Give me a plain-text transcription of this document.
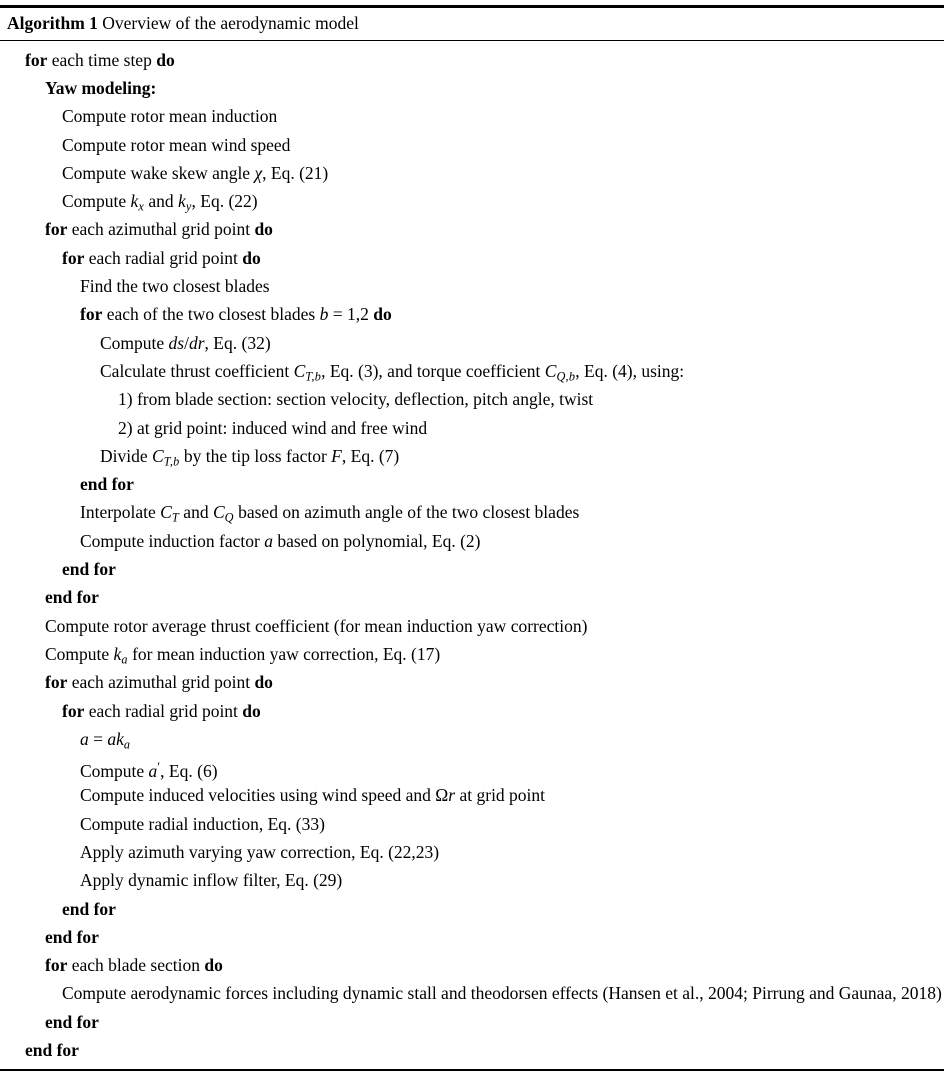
Algorithm 1 Overview of the aerodynamic model
for each time step do
Yaw modeling:
Compute rotor mean induction
Compute rotor mean wind speed
Compute wake skew angle χ, Eq. (21)
Compute kx and ky, Eq. (22)
for each azimuthal grid point do
for each radial grid point do
Find the two closest blades
for each of the two closest blades b = 1,2 do
Compute ds/dr, Eq. (32)
Calculate thrust coefficient CT,b, Eq. (3), and torque coefficient CQ,b, Eq. (4), using:
1) from blade section: section velocity, deflection, pitch angle, twist
2) at grid point: induced wind and free wind
Divide CT,b by the tip loss factor F, Eq. (7)
end for
Interpolate CT and CQ based on azimuth angle of the two closest blades
Compute induction factor a based on polynomial, Eq. (2)
end for
end for
Compute rotor average thrust coefficient (for mean induction yaw correction)
Compute ka for mean induction yaw correction, Eq. (17)
for each azimuthal grid point do
for each radial grid point do
a = aka
Compute a′, Eq. (6)
Compute induced velocities using wind speed and Ωr at grid point
Compute radial induction, Eq. (33)
Apply azimuth varying yaw correction, Eq. (22,23)
Apply dynamic inflow filter, Eq. (29)
end for
end for
for each blade section do
Compute aerodynamic forces including dynamic stall and theodorsen effects (Hansen et al., 2004; Pirrung and Gaunaa, 2018)
end for
end for
